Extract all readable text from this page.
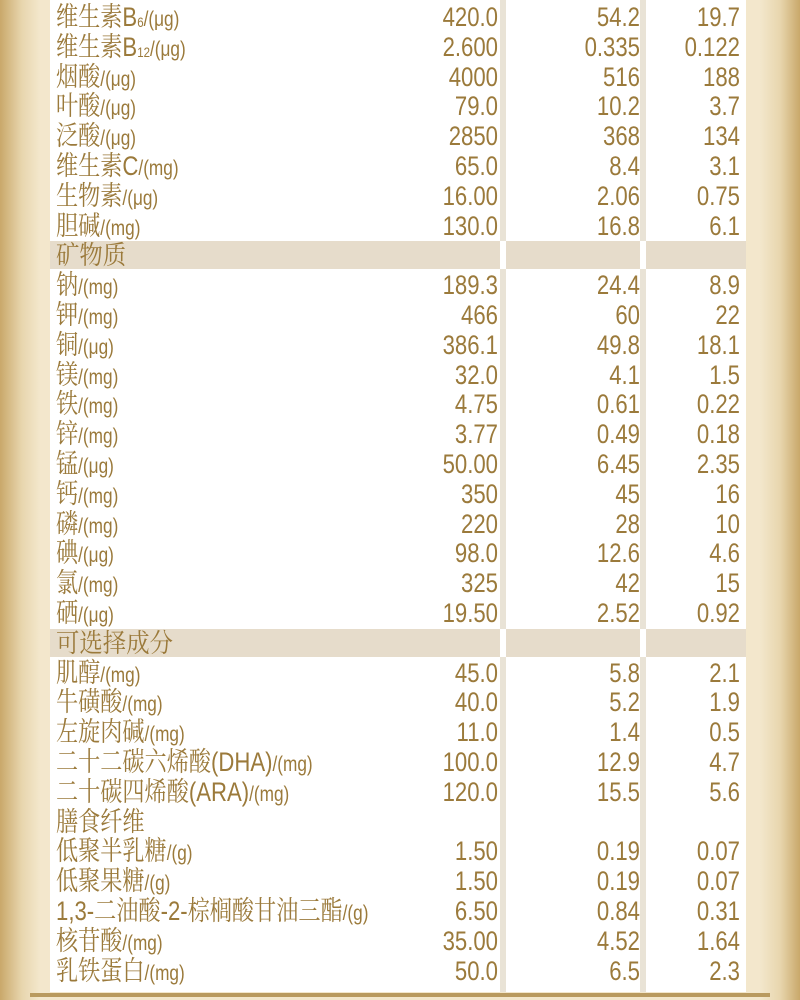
维生素$B_6/(\mu g)$	420.0	54.2	19.7
维生素$B_{12}/(\mu g)$	2.600	0.335	0.122
烟酸/(μg)	4000	516	188
叶酸/(μg)	79.0	10.2	3.7
泛酸/(μg)	2850	368	134
维生素C/(mg)	65.0	8.4	3.1
生物素/(μg)	16.00	2.06	0.75
胆碱/(mg)	130.0	16.8	6.1
矿物质
钠/(mg)	189.3	24.4	8.9
钾/(mg)	466	60	22
铜/(μg)	386.1	49.8	18.1
镁/(mg)	32.0	4.1	1.5
铁/(mg)	4.75	0.61	0.22
锌/(mg)	3.77	0.49	0.18
锰/(μg)	50.00	6.45	2.35
钙/(mg)	350	45	16
磷/(mg)	220	28	10
碘/(μg)	98.0	12.6	4.6
氯/(mg)	325	42	15
硒/(μg)	19.50	2.52	0.92
可选择成分
肌醇/(mg)	45.0	5.8	2.1
牛磺酸/(mg)	40.0	5.2	1.9
左旋肉碱/(mg)	11.0	1.4	0.5
二十二碳六烯酸(DHA)/(mg)	100.0	12.9	4.7
二十碳四烯酸(ARA)/(mg)	120.0	15.5	5.6
膳食纤维
低聚半乳糖/(g)	1.50	0.19	0.07
低聚果糖/(g)	1.50	0.19	0.07
1,3-二油酸-2-棕榈酸甘油三酯/(g)	6.50	0.84	0.31
核苷酸/(mg)	35.00	4.52	1.64
乳铁蛋白/(mg)	50.0	6.5	2.3
